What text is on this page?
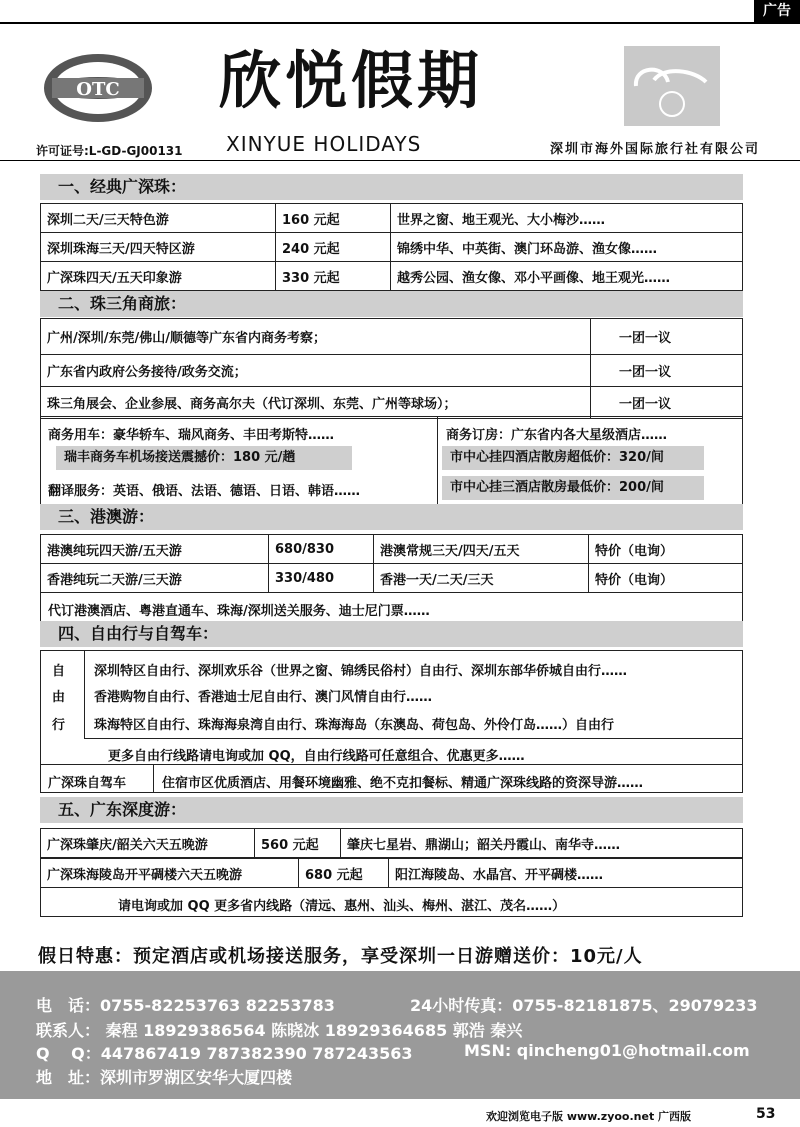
广告
OTC	欣悦假期
XINYUE HOLIDAYS
许可证号:L-GD-GJ00131	深圳市海外国际旅行社有限公司
一、经典广深珠：
深圳二天/三天特色游	160 元起	世界之窗、地王观光、大小梅沙……
深圳珠海三天/四天特区游	240 元起	锦绣中华、中英街、澳门环岛游、渔女像……
广深珠四天/五天印象游	330 元起	越秀公园、渔女像、邓小平画像、地王观光……
二、珠三角商旅：
广州/深圳/东莞/佛山/顺德等广东省内商务考察；	一团一议
广东省内政府公务接待/政务交流；	一团一议
珠三角展会、企业参展、商务高尔夫（代订深圳、东莞、广州等球场）；	一团一议
商务用车：豪华轿车、瑞风商务、丰田考斯特……
瑞丰商务车机场接送震撼价：180 元/趟
翻译服务：英语、俄语、法语、德语、日语、韩语……
商务订房：广东省内各大星级酒店……
市中心挂四酒店散房超低价：320/间
市中心挂三酒店散房最低价：200/间
三、港澳游：
港澳纯玩四天游/五天游	680/830	港澳常规三天/四天/五天	特价（电询）
香港纯玩二天游/三天游	330/480	香港一天/二天/三天	特价（电询）
代订港澳酒店、粤港直通车、珠海/深圳送关服务、迪士尼门票……
四、自由行与自驾车：
自
由
行
深圳特区自由行、深圳欢乐谷（世界之窗、锦绣民俗村）自由行、深圳东部华侨城自由行……
香港购物自由行、香港迪士尼自由行、澳门风情自由行……
珠海特区自由行、珠海海泉湾自由行、珠海海岛（东澳岛、荷包岛、外伶仃岛……）自由行
更多自由行线路请电询或加 QQ，自由行线路可任意组合、优惠更多……
广深珠自驾车	住宿市区优质酒店、用餐环境幽雅、绝不克扣餐标、精通广深珠线路的资深导游……
五、广东深度游：
广深珠肇庆/韶关六天五晚游	560 元起	肇庆七星岩、鼎湖山；韶关丹霞山、南华寺……
广深珠海陵岛开平碉楼六天五晚游	680 元起	阳江海陵岛、水晶宫、开平碉楼……
请电询或加 QQ 更多省内线路（清远、惠州、汕头、梅州、湛江、茂名……）
假日特惠：预定酒店或机场接送服务，享受深圳一日游赠送价：10元/人
电　话：0755-82253763 82253783	24小时传真：0755-82181875、29079233
联系人： 秦程 18929386564 陈晓冰 18929364685 郭浩 秦兴
Q　 Q：447867419 787382390 787243563	MSN: qincheng01@hotmail.com
地　址：深圳市罗湖区安华大厦四楼
欢迎浏览电子版 www.zyoo.net 广西版	53
